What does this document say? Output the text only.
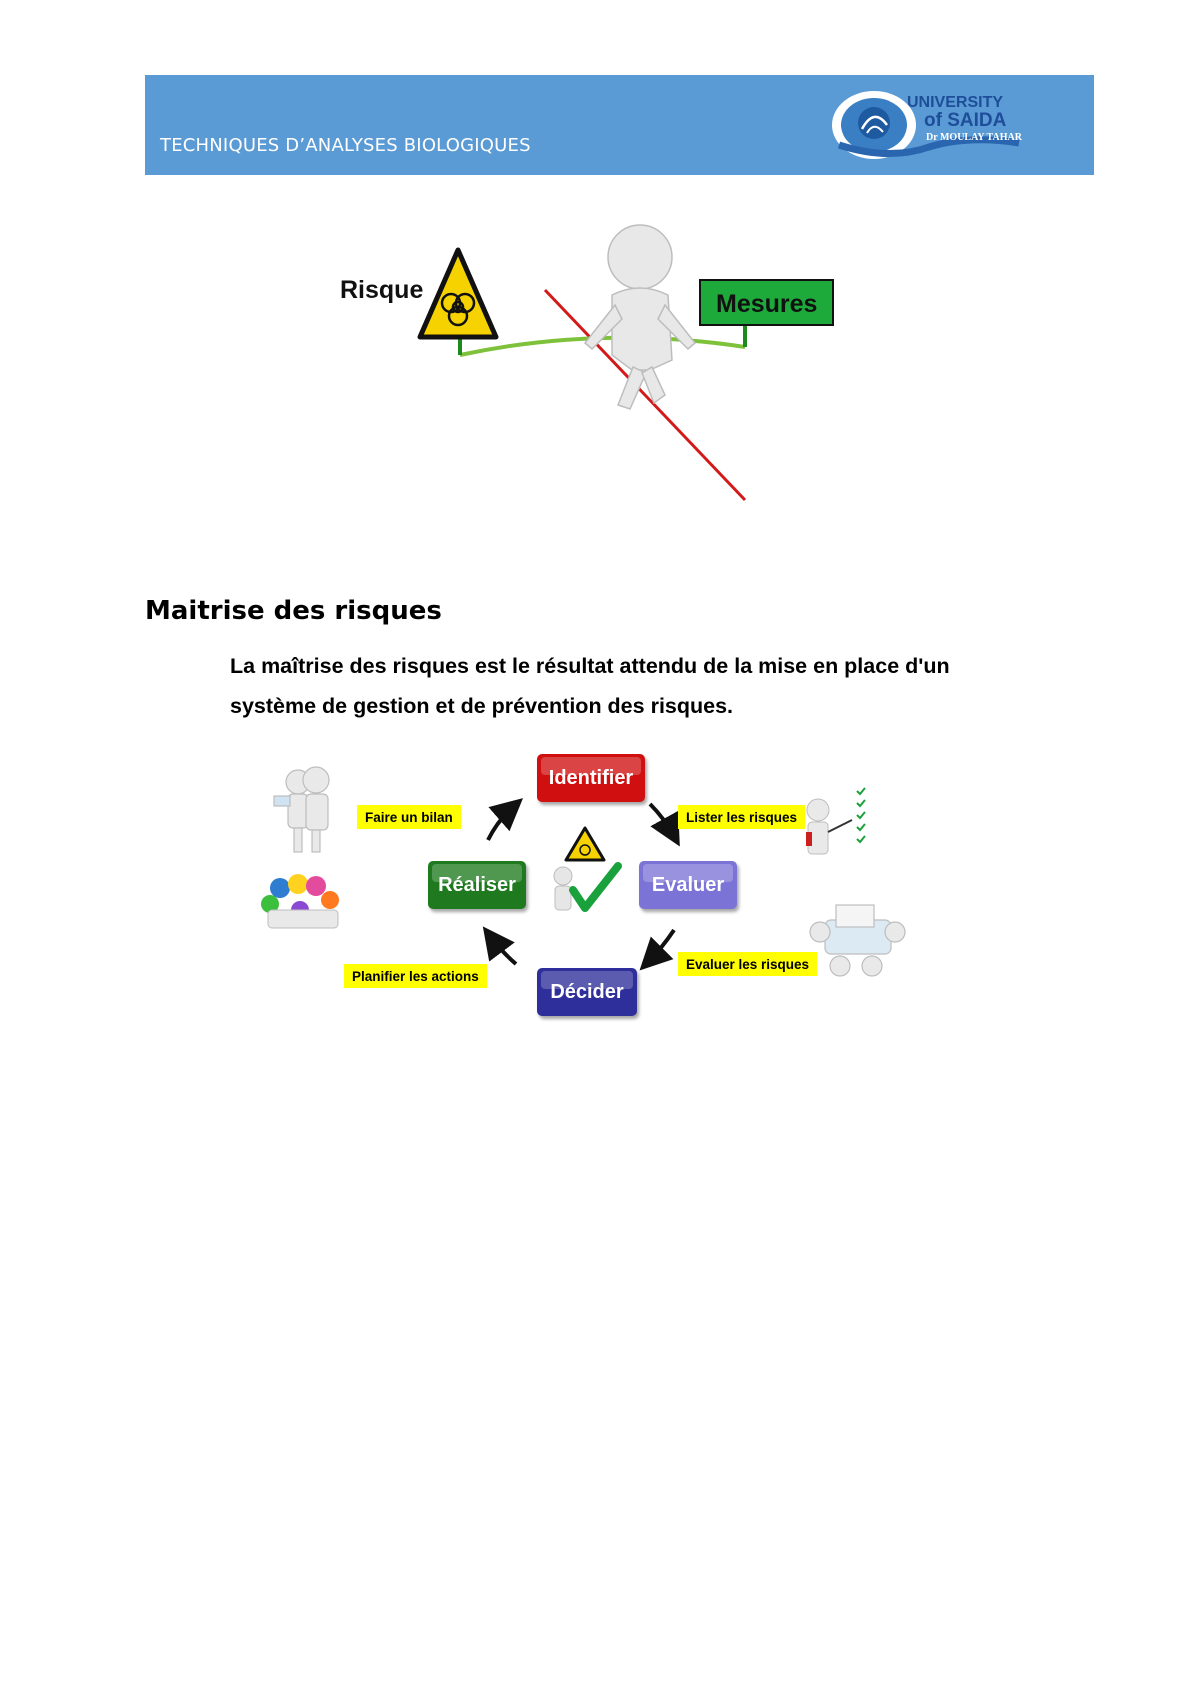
TECHNIQUES D’ANALYSES BIOLOGIQUES
UNIVERSITY
of SAIDA
Dr MOULAY TAHAR
Risque	Mesures
Maitrise des risques

La maîtrise des risques est le résultat attendu de la mise en place d'un système de gestion et de prévention des risques.

Identifier
Evaluer
Décider
Réaliser
Faire un bilan	Lister les risques
Evaluer les risques
Planifier les actions
